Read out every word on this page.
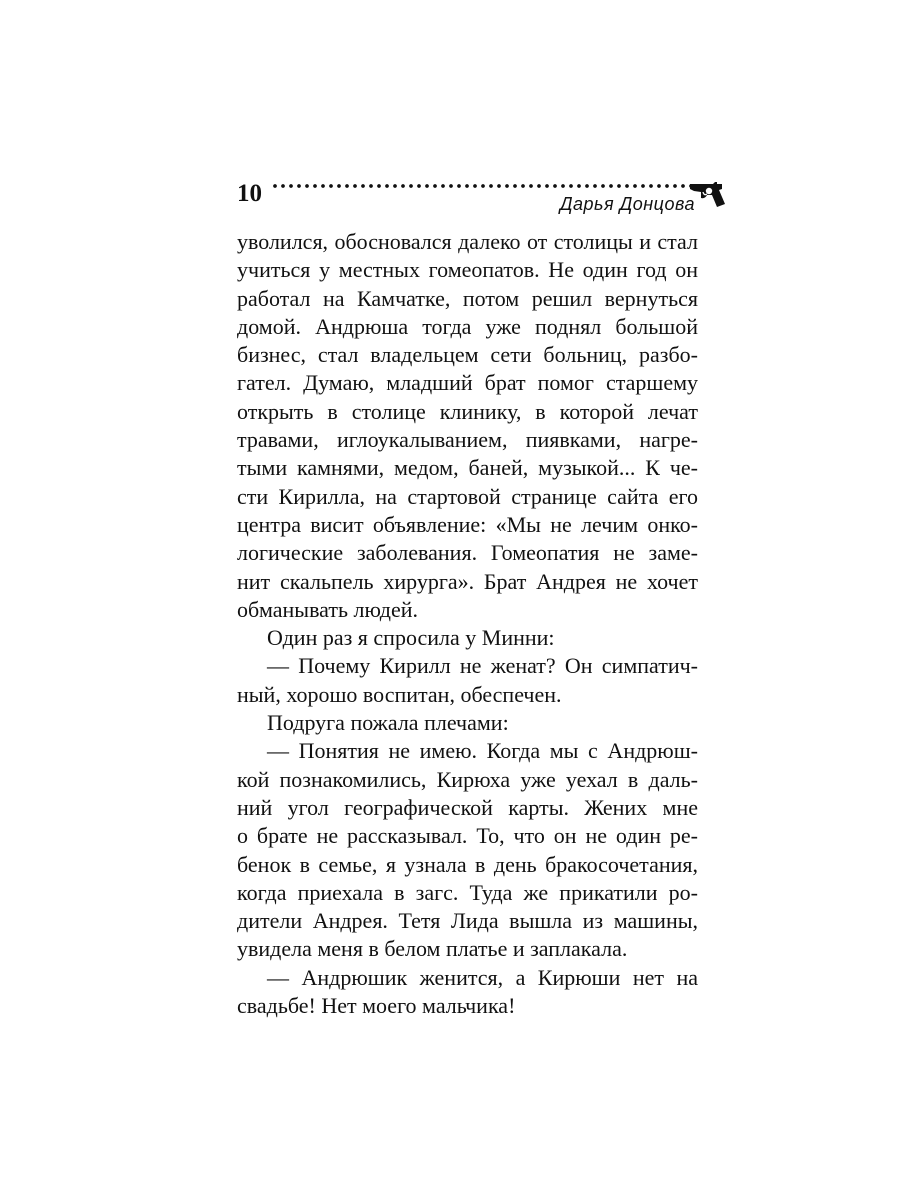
10	Дарья Донцова

уволился, обосновался далеко от столицы и стал

учиться у местных гомеопатов. Не один год он

работал на Камчатке, потом решил вернуться

домой. Андрюша тогда уже поднял большой

бизнес, стал владельцем сети больниц, разбо-

гател. Думаю, младший брат помог старшему

открыть в столице клинику, в которой лечат

травами, иглоукалыванием, пиявками, нагре-

тыми камнями, медом, баней, музыкой... К че-

сти Кирилла, на стартовой странице сайта его

центра висит объявление: «Мы не лечим онко-

логические заболевания. Гомеопатия не заме-

нит скальпель хирурга». Брат Андрея не хочет

обманывать людей.

Один раз я спросила у Минни:

— Почему Кирилл не женат? Он симпатич-

ный, хорошо воспитан, обеспечен.

Подруга пожала плечами:

— Понятия не имею. Когда мы с Андрюш-

кой познакомились, Кирюха уже уехал в даль-

ний угол географической карты. Жених мне

о брате не рассказывал. То, что он не один ре-

бенок в семье, я узнала в день бракосочетания,

когда приехала в загс. Туда же прикатили ро-

дители Андрея. Тетя Лида вышла из машины,

увидела меня в белом платье и заплакала.

— Андрюшик женится, а Кирюши нет на

свадьбе! Нет моего мальчика!
